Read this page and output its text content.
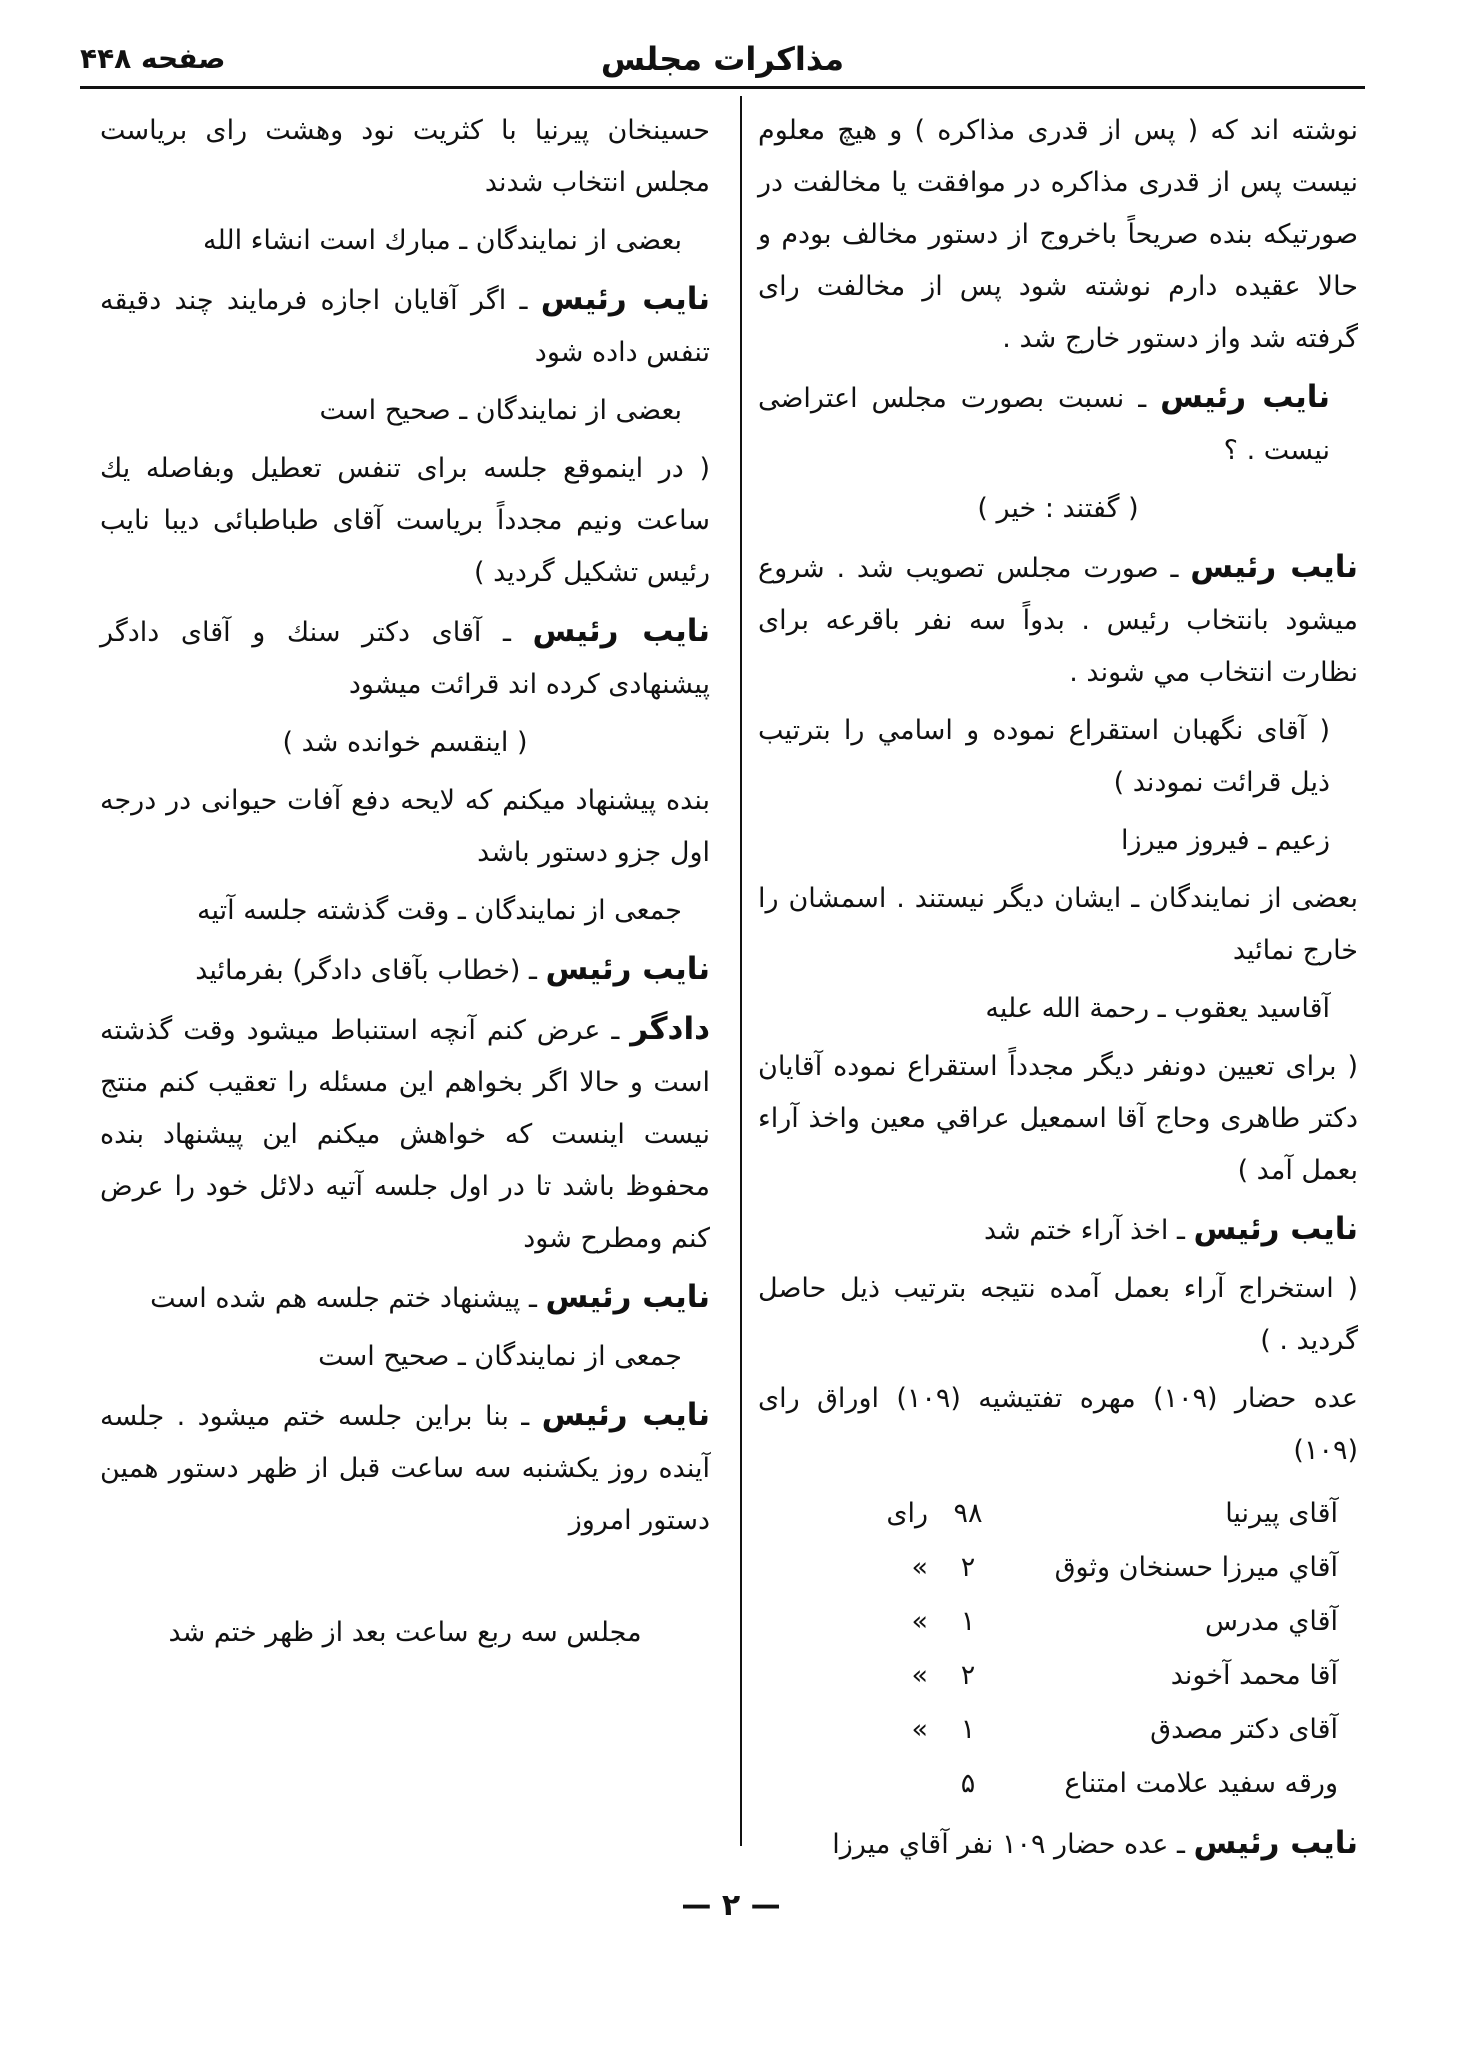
مذاکرات مجلس
صفحه ۴۴۸

نوشته اند که ( پس از قدری مذاکره ) و هیچ معلوم نیست پس از قدری مذاکره در موافقت یا مخالفت در صورتیکه بنده صریحاً باخروج از دستور مخالف بودم و حالا عقیده دارم نوشته شود پس از مخالفت رای گرفته شد واز دستور خارج شد .

نایب رئیس ـ نسبت بصورت مجلس اعتراضی نیست . ؟

( گفتند : خیر )

نایب رئیس ـ صورت مجلس تصویب شد . شروع میشود بانتخاب رئیس . بدواً سه نفر باقرعه برای نظارت انتخاب مي شوند .

( آقای نگهبان استقراع نموده و اسامي را بترتیب ذیل قرائت نمودند )

زعیم ـ فیروز میرزا

بعضی از نمایندگان ـ ایشان دیگر نیستند . اسمشان را خارج نمائید

آقاسید یعقوب ـ رحمة الله علیه

( برای تعیین دونفر دیگر مجدداً استقراع نموده آقایان دکتر طاهری وحاج آقا اسمعیل عراقي معین واخذ آراء بعمل آمد )

نایب رئیس ـ اخذ آراء ختم شد

( استخراج آراء بعمل آمده نتیجه بترتیب ذیل حاصل گردید . )

عده حضار (۱۰۹) مهره تفتیشیه (۱۰۹) اوراق رای (۱۰۹)

آقای پیرنیا	۹۸	رای
آقاي میرزا حسنخان وثوق	۲	»
آقاي مدرس	۱	»
آقا محمد آخوند	۲	»
آقای دکتر مصدق	۱	»
ورقه سفید علامت امتناع	۵	

نایب رئیس ـ عده حضار ۱۰۹ نفر آقاي میرزا

حسینخان پیرنیا با کثریت نود وهشت رای بریاست مجلس انتخاب شدند

بعضی از نمایندگان ـ مبارك است انشاء الله

نایب رئیس ـ اگر آقایان اجازه فرمایند چند دقیقه تنفس داده شود

بعضی از نمایندگان ـ صحیح است

( در اینموقع جلسه برای تنفس تعطیل وبفاصله یك ساعت ونیم مجدداً بریاست آقای طباطبائی دیبا نایب رئیس تشکیل گردید )

نایب رئیس ـ آقای دکتر سنك و آقای دادگر پیشنهادی کرده اند قرائت میشود

( اینقسم خوانده شد )

بنده پیشنهاد میکنم که لایحه دفع آفات حیوانی در درجه اول جزو دستور باشد

جمعی از نمایندگان ـ وقت گذشته جلسه آتیه

نایب رئیس ـ (خطاب بآقای دادگر) بفرمائید

دادگر ـ عرض کنم آنچه استنباط میشود وقت گذشته است و حالا اگر بخواهم این مسئله را تعقیب کنم منتج نیست اینست که خواهش میکنم این پیشنهاد بنده محفوظ باشد تا در اول جلسه آتیه دلائل خود را عرض کنم ومطرح شود

نایب رئیس ـ پیشنهاد ختم جلسه هم شده است

جمعی از نمایندگان ـ صحیح است

نایب رئیس ـ بنا براین جلسه ختم میشود . جلسه آینده روز یکشنبه سه ساعت قبل از ظهر دستور همین دستور امروز

مجلس سه ربع ساعت بعد از ظهر ختم شد

— ۲ —
